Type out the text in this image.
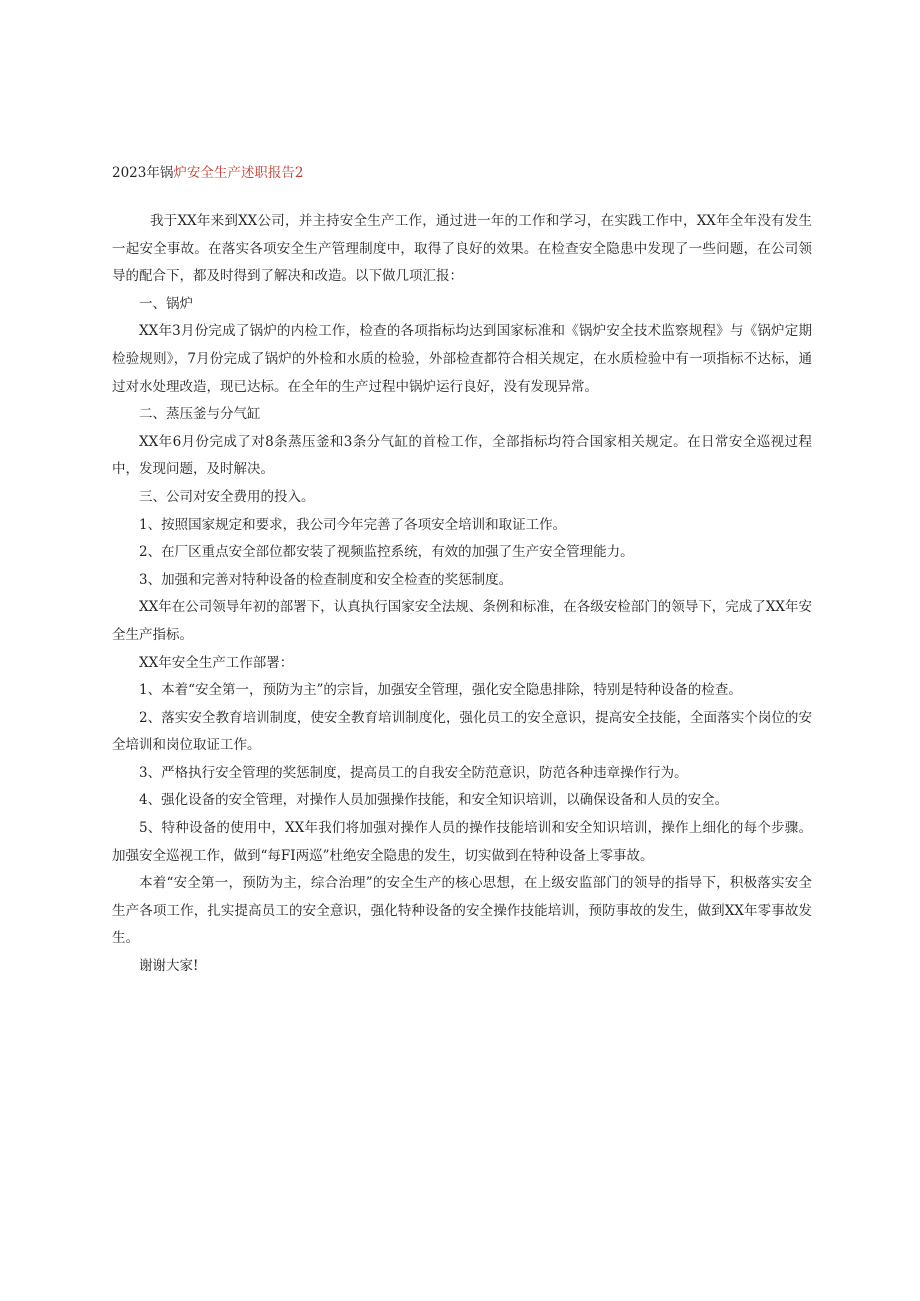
2023年锅炉安全生产述职报告2

我于XX年来到XX公司，并主持安全生产工作，通过进一年的工作和学习，在实践工作中，XX年全年没有发生一起安全事故。在落实各项安全生产管理制度中，取得了良好的效果。在检查安全隐患中发现了一些问题，在公司领导的配合下，都及时得到了解决和改造。以下做几项汇报：

一、锅炉

XX年3月份完成了锅炉的内检工作，检查的各项指标均达到国家标准和《锅炉安全技术监察规程》与《锅炉定期检验规则》，7月份完成了锅炉的外检和水质的检验，外部检查都符合相关规定，在水质检验中有一项指标不达标，通过对水处理改造，现已达标。在全年的生产过程中锅炉运行良好，没有发现异常。

二、蒸压釜与分气缸

XX年6月份完成了对8条蒸压釜和3条分气缸的首检工作，全部指标均符合国家相关规定。在日常安全巡视过程中，发现问题，及时解决。

三、公司对安全费用的投入。

1、按照国家规定和要求，我公司今年完善了各项安全培训和取证工作。

2、在厂区重点安全部位都安装了视频监控系统，有效的加强了生产安全管理能力。

3、加强和完善对特种设备的检查制度和安全检查的奖惩制度。

XX年在公司领导年初的部署下，认真执行国家安全法规、条例和标准，在各级安检部门的领导下，完成了XX年安全生产指标。

XX年安全生产工作部署：

1、本着“安全第一，预防为主”的宗旨，加强安全管理，强化安全隐患排除，特别是特种设备的检查。

2、落实安全教育培训制度，使安全教育培训制度化，强化员工的安全意识，提高安全技能，全面落实个岗位的安全培训和岗位取证工作。

3、严格执行安全管理的奖惩制度，提高员工的自我安全防范意识，防范各种违章操作行为。

4、强化设备的安全管理，对操作人员加强操作技能，和安全知识培训，以确保设备和人员的安全。

5、特种设备的使用中，XX年我们将加强对操作人员的操作技能培训和安全知识培训，操作上细化的每个步骤。加强安全巡视工作，做到“每FI两巡”杜绝安全隐患的发生，切实做到在特种设备上零事故。

本着“安全第一，预防为主，综合治理”的安全生产的核心思想，在上级安监部门的领导的指导下，积极落实安全生产各项工作，扎实提高员工的安全意识，强化特种设备的安全操作技能培训，预防事故的发生，做到XX年零事故发生。

谢谢大家!
